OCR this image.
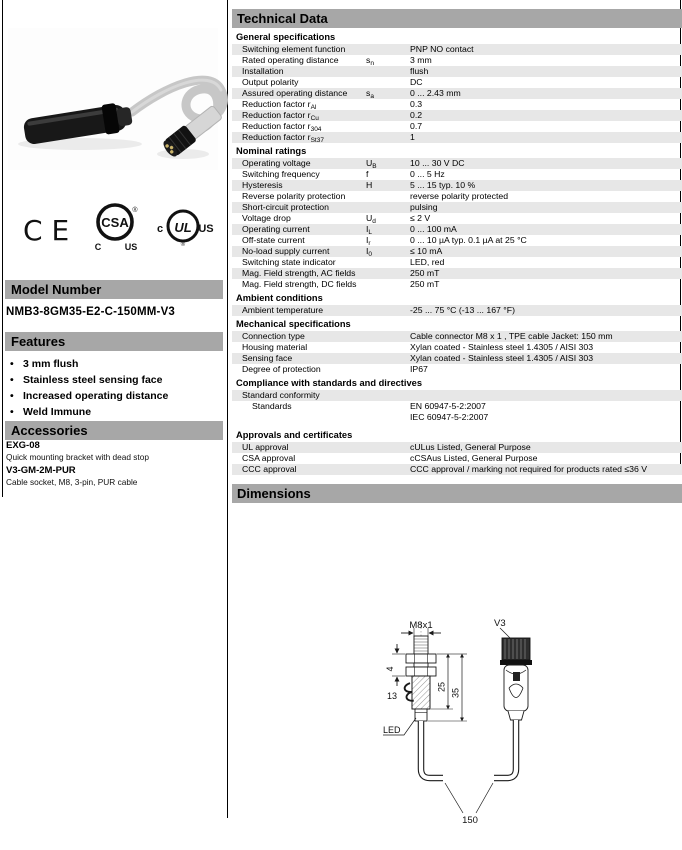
CE CSA
®
C	US
UL
c	US
®
Model Number
NMB3-8GM35-E2-C-150MM-V3
Features
• 3 mm flush
• Stainless steel sensing face
• Increased operating distance
• Weld Immune
Accessories
EXG-08
Quick mounting bracket with dead stop
V3-GM-2M-PUR
Cable socket, M8, 3-pin, PUR cable
Technical Data
General specifications
Switching element function	PNP NO contact
Rated operating distance	$s_n$	3 mm
Installation	flush
Output polarity	DC
Assured operating distance	$s_a$	0 ... 2.43 mm
Reduction factor $r_{Al}$	0.3
Reduction factor $r_{Cu}$	0.2
Reduction factor $r_{304}$	0.7
Reduction factor $r_{St37}$	1
Nominal ratings
Operating voltage	$U_B$	10 ... 30 V DC
Switching frequency	f	0 ... 5 Hz
Hysteresis	H	5 ... 15 typ. 10 %
Reverse polarity protection	reverse polarity protected
Short-circuit protection	pulsing
Voltage drop	$U_d$	≤ 2 V
Operating current	$I_L$	0 ... 100 mA
Off-state current	$I_r$	0 ... 10 µA typ. 0.1 µA at 25 °C
No-load supply current	$I_0$	≤ 10 mA
Switching state indicator	LED, red
Mag. Field strength, AC fields	250 mT
Mag. Field strength, DC fields	250 mT
Ambient conditions
Ambient temperature	-25 ... 75 °C (-13 ... 167 °F)
Mechanical specifications
Connection type	Cable connector M8 x 1 , TPE cable Jacket: 150 mm
Housing material	Xylan coated - Stainless steel 1.4305 / AISI 303
Sensing face	Xylan coated - Stainless steel 1.4305 / AISI 303
Degree of protection	IP67
Compliance with standards and directives
Standard conformity
Standards	EN 60947-5-2:2007
IEC 60947-5-2:2007
Approvals and certificates
UL approval	cULus Listed, General Purpose
CSA approval	cCSAus Listed, General Purpose
CCC approval	CCC approval / marking not required for products rated ≤36 V
Dimensions
M8x1
4
13
25
35
LED
V3
150
